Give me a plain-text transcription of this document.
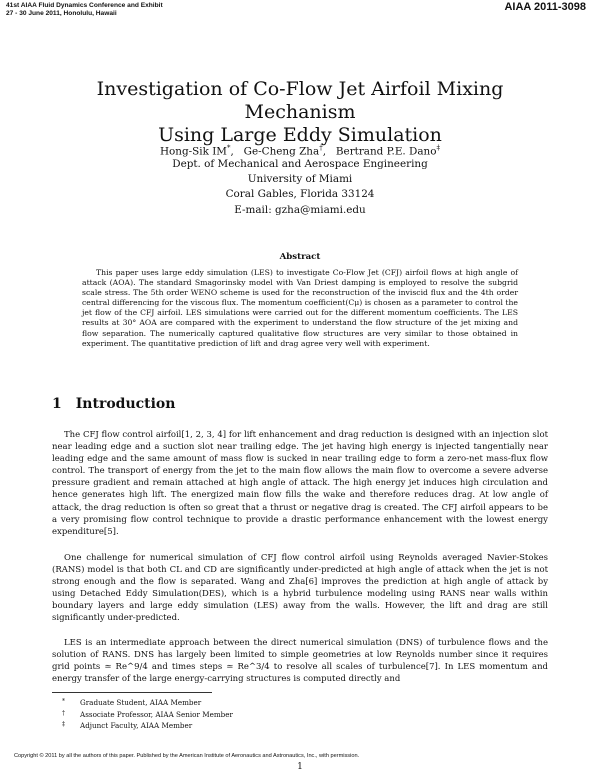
41st AIAA Fluid Dynamics Conference and Exhibit
27 - 30 June 2011, Honolulu, Hawaii
AIAA 2011-3098
Investigation of Co-Flow Jet Airfoil Mixing Mechanism
Using Large Eddy Simulation
Hong-Sik IM*,   Ge-Cheng Zha†,   Bertrand P.E. Dano‡
Dept. of Mechanical and Aerospace Engineering
University of Miami
Coral Gables, Florida 33124
E-mail: gzha@miami.edu
Abstract

This paper uses large eddy simulation (LES) to investigate Co-Flow Jet (CFJ) airfoil flows at high angle of attack (AOA). The standard Smagorinsky model with Van Driest damping is employed to resolve the subgrid scale stress. The 5th order WENO scheme is used for the reconstruction of the inviscid flux and the 4th order central differencing for the viscous flux. The momentum coefficient(Cμ) is chosen as a parameter to control the jet flow of the CFJ airfoil. LES simulations were carried out for the different momentum coefficients. The LES results at 30° AOA are compared with the experiment to understand the flow structure of the jet mixing and flow separation. The numerically captured qualitative flow structures are very similar to those obtained in experiment. The quantitative prediction of lift and drag agree very well with experiment.

1 Introduction

The CFJ flow control airfoil[1, 2, 3, 4] for lift enhancement and drag reduction is designed with an injection slot near leading edge and a suction slot near trailing edge. The jet having high energy is injected tangentially near leading edge and the same amount of mass flow is sucked in near trailing edge to form a zero-net mass-flux flow control. The transport of energy from the jet to the main flow allows the main flow to overcome a severe adverse pressure gradient and remain attached at high angle of attack. The high energy jet induces high circulation and hence generates high lift. The energized main flow fills the wake and therefore reduces drag. At low angle of attack, the drag reduction is often so great that a thrust or negative drag is created. The CFJ airfoil appears to be a very promising flow control technique to provide a drastic performance enhancement with the lowest energy expenditure[5].

One challenge for numerical simulation of CFJ flow control airfoil using Reynolds averaged Navier-Stokes (RANS) model is that both CL and CD are significantly under-predicted at high angle of attack when the jet is not strong enough and the flow is separated. Wang and Zha[6] improves the prediction at high angle of attack by using Detached Eddy Simulation(DES), which is a hybrid turbulence modeling using RANS near walls within boundary layers and large eddy simulation (LES) away from the walls. However, the lift and drag are still significantly under-predicted.

LES is an intermediate approach between the direct numerical simulation (DNS) of turbulence flows and the solution of RANS. DNS has largely been limited to simple geometries at low Reynolds number since it requires grid points ≃ Re^9/4 and times steps ≃ Re^3/4 to resolve all scales of turbulence[7]. In LES momentum and energy transfer of the large energy-carrying structures is computed directly and

* Graduate Student, AIAA Member
† Associate Professor, AIAA Senior Member
‡ Adjunct Faculty, AIAA Member
Copyright © 2011 by all the authors of this paper. Published by the American Institute of Aeronautics and Astronautics, Inc., with permission.
1
